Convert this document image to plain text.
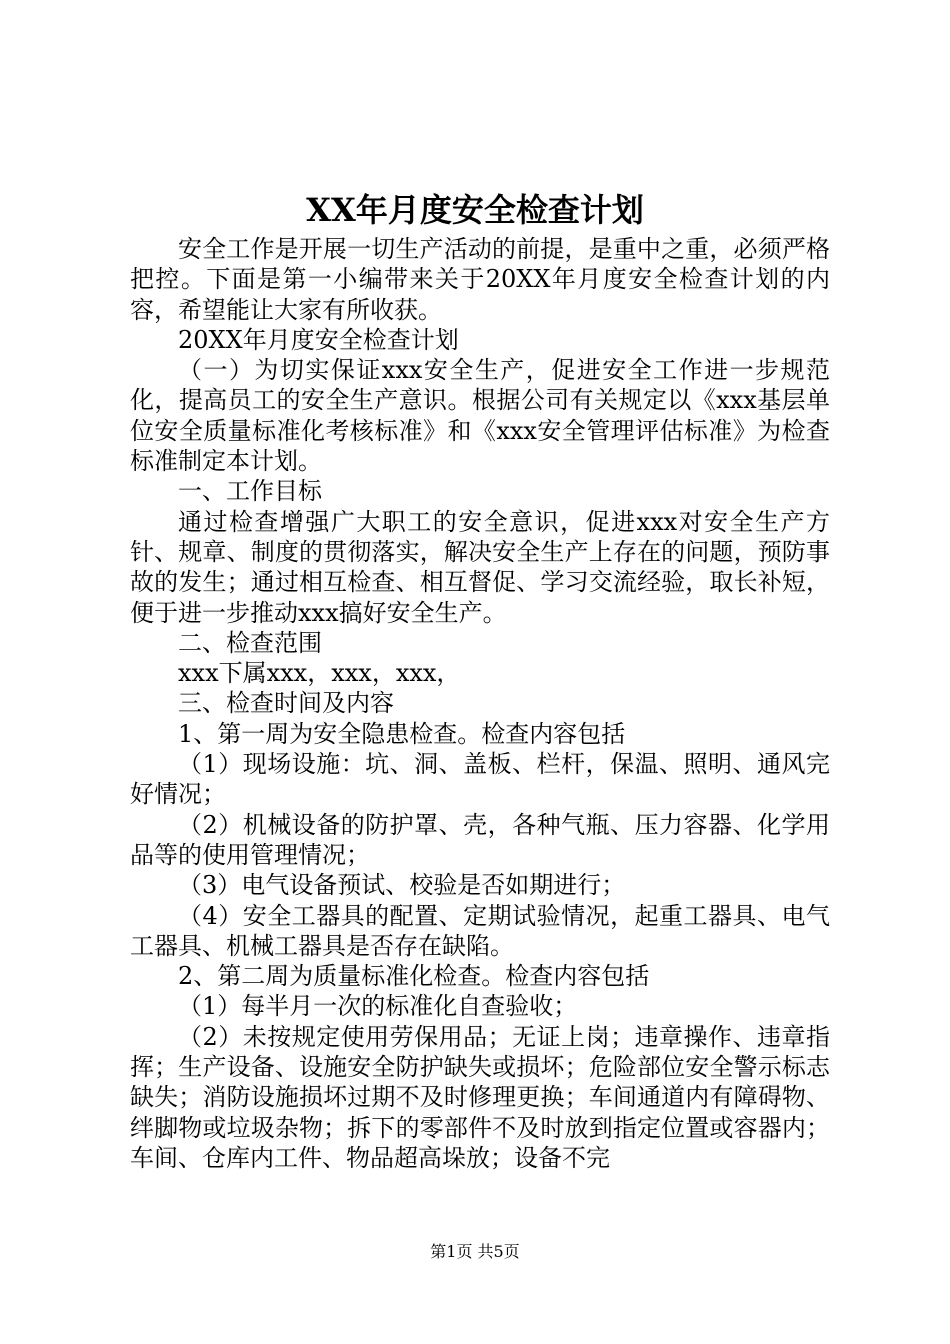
XX年月度安全检查计划

安全工作是开展一切生产活动的前提，是重中之重，必须严格把控。下面是第一小编带来关于20XX年月度安全检查计划的内容，希望能让大家有所收获。

20XX年月度安全检查计划

（一）为切实保证xxx安全生产，促进安全工作进一步规范化，提高员工的安全生产意识。根据公司有关规定以《xxx基层单位安全质量标准化考核标准》和《xxx安全管理评估标准》为检查标准制定本计划。

一、工作目标

通过检查增强广大职工的安全意识，促进xxx对安全生产方针、规章、制度的贯彻落实，解决安全生产上存在的问题，预防事故的发生；通过相互检查、相互督促、学习交流经验，取长补短，便于进一步推动xxx搞好安全生产。

二、检查范围

xxx下属xxx，xxx，xxx，

三、检查时间及内容

1、第一周为安全隐患检查。检查内容包括

（1）现场设施：坑、洞、盖板、栏杆，保温、照明、通风完好情况；

（2）机械设备的防护罩、壳，各种气瓶、压力容器、化学用品等的使用管理情况；

（3）电气设备预试、校验是否如期进行；

（4）安全工器具的配置、定期试验情况，起重工器具、电气工器具、机械工器具是否存在缺陷。

2、第二周为质量标准化检查。检查内容包括

（1）每半月一次的标准化自查验收；

（2）未按规定使用劳保用品；无证上岗；违章操作、违章指挥；生产设备、设施安全防护缺失或损坏；危险部位安全警示标志缺失；消防设施损坏过期不及时修理更换；车间通道内有障碍物、绊脚物或垃圾杂物；拆下的零部件不及时放到指定位置或容器内；车间、仓库内工件、物品超高垛放；设备不完

第1页 共5页
